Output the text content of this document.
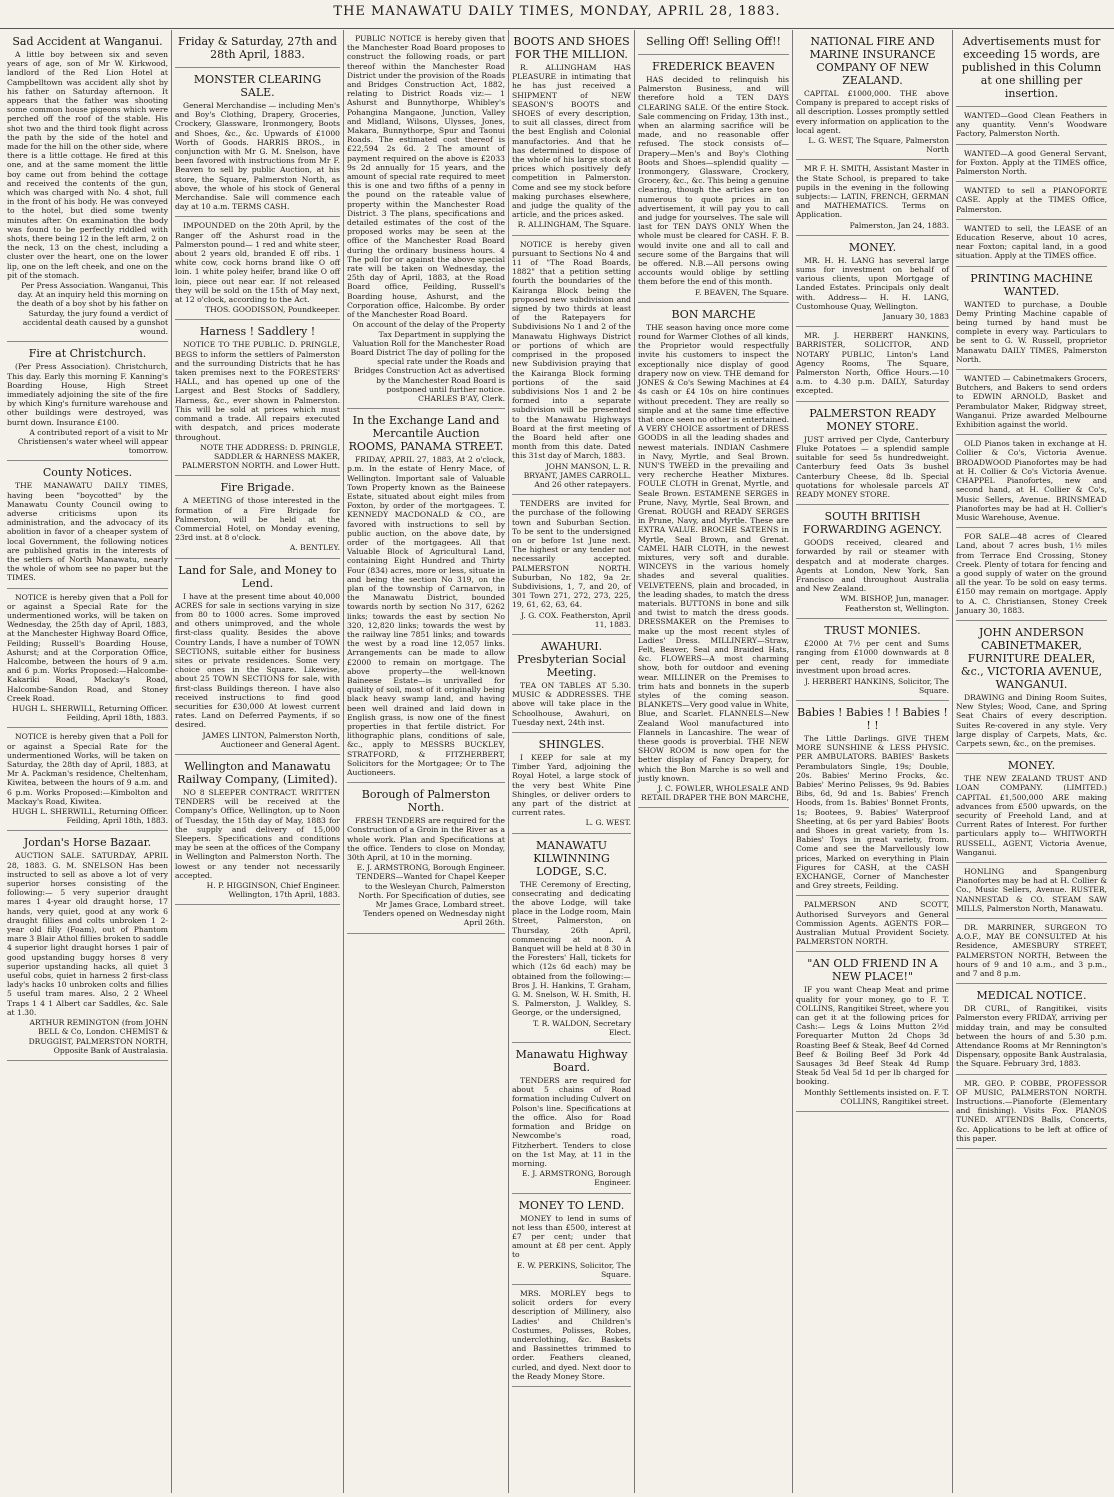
THE MANAWATU DAILY TIMES, MONDAY, APRIL 28, 1883.
Sad Accident at Wanganui.
A little boy between six and seven years of age, son of Mr W. Kirkwood, landlord of the Red Lion Hotel at Campbelltown was accident ally shot by his father on Saturday afternoon. It appears that the father was shooting some common house pigeons which were perched off the roof of the stable. His shot two and the third took flight across the path by the side of the hotel and made for the hill on the other side, where there is a little cottage. He fired at this one, and at the same moment the little boy came out from behind the cottage and received the contents of the gun, which was charged with No. 4 shot, full in the front of his body. He was conveyed to the hotel, but died some twenty minutes after. On examination the body was found to be perfectly riddled with shots, there being 12 in the left arm, 2 on the neck, 13 on the chest, including a cluster over the heart, one on the lower lip, one on the left cheek, and one on the pit of the stomach.
Per Press Association. Wanganui, This day. At an inquiry held this morning on the death of a boy shot by his father on Saturday, the jury found a verdict of accidental death caused by a gunshot wound.
Fire at Christchurch.
(Per Press Association). Christchurch, This day. Early this morning F. Kanning's Boarding House, High Street immediately adjoining the site of the fire by which King's furniture warehouse and other buildings were destroyed, was burnt down. Insurance £100.
A contributed report of a visit to Mr Christiensen's water wheel will appear tomorrow.
County Notices.
THE MANAWATU DAILY TIMES, having been "boycotted" by the Manawatu County Council owing to adverse criticisms upon its administration, and the advocacy of its abolition in favor of a cheaper system of local Government, the following notices are published gratis in the interests of the settlers of North Manawatu, nearly the whole of whom see no paper but the TIMES.
NOTICE is hereby given that a Poll for or against a Special Rate for the undermentioned works, will be taken on Wednesday, the 25th day of April, 1883, at the Manchester Highway Board Office, Feilding; Russell's Boarding House, Ashurst; and at the Corporation Office, Halcombe, between the hours of 9 a.m. and 6 p.m. Works Proposed:—Halcombe-Kakariki Road, Mackay's Road, Halcombe-Sandon Road, and Stoney Creek Road.
HUGH L. SHERWILL, Returning Officer. Feilding, April 18th, 1883.
NOTICE is hereby given that a Poll for or against a Special Rate for the undermentioned Works, will be taken on Saturday, the 28th day of April, 1883, at Mr A. Packman's residence, Cheltenham, Kiwitea, between the hours of 9 a.m. and 6 p.m. Works Proposed:—Kimbolton and Mackay's Road, Kiwitea.
HUGH L. SHERWILL, Returning Officer. Feilding, April 18th, 1883.
Jordan's Horse Bazaar.
AUCTION SALE. SATURDAY, APRIL 28, 1883. G. M. SNELSON Has been instructed to sell as above a lot of very superior horses consisting of the following:— 5 very superior draught mares 1 4-year old draught horse, 17 hands, very quiet, good at any work 6 draught fillies and colts unbroken 1 2-year old filly (Foam), out of Phantom mare 3 Blair Athol fillies broken to saddle 4 superior light draught horses 1 pair of good upstanding buggy horses 8 very superior upstanding hacks, all quiet 3 useful cobs, quiet in harness 2 first-class lady's hacks 10 unbroken colts and fillies 5 useful tram mares. Also, 2 2 Wheel Traps 1 4 1 Albert car Saddles, &c. Sale at 1.30.
ARTHUR REMINGTON (from JOHN BELL & Co, London. CHEMIST & DRUGGIST, PALMERSTON NORTH, Opposite Bank of Australasia.
Friday & Saturday, 27th and 28th April, 1883.
MONSTER CLEARING SALE.
General Merchandise — including Men's and Boy's Clothing, Drapery, Groceries, Crockery, Glassware, Ironmongery, Boots and Shoes, &c., &c. Upwards of £1000 Worth of Goods. HARRIS BROS., in conjunction with Mr G. M. Snelson, have been favored with instructions from Mr F. Beaven to sell by public Auction, at his store, the Square, Palmerston North, as above, the whole of his stock of General Merchandise. Sale will commence each day at 10 a.m. TERMS CASH.
IMPOUNDED on the 20th April, by the Ranger off the Ashurst road in the Palmerston pound— 1 red and white steer, about 2 years old, branded E off ribs. 1 white cow, cock horns brand like O off loin. 1 white poley heifer, brand like O off loin, piece out near ear. If not released they will be sold on the 15th of May next, at 12 o'clock, according to the Act.
THOS. GOODISSON, Poundkeeper.
Harness ! Saddlery !
NOTICE TO THE PUBLIC. D. PRINGLE, BEGS to inform the settlers of Palmerston and the surrounding Districts that he has taken premises next to the FORESTERS' HALL, and has opened up one of the Largest and Best Stocks of Saddlery, Harness, &c., ever shown in Palmerston. This will be sold at prices which must command a trade. All repairs executed with despatch, and prices moderate throughout.
NOTE THE ADDRESS: D. PRINGLE, SADDLER & HARNESS MAKER, PALMERSTON NORTH. and Lower Hutt.
Fire Brigade.
A MEETING of those interested in the formation of a Fire Brigade for Palmerston, will be held at the Commercial Hotel, on Monday evening, 23rd inst. at 8 o'clock.
A. BENTLEY.
Land for Sale, and Money to Lend.
I have at the present time about 40,000 ACRES for sale in sections varying in size from 80 to 1000 acres. Some improved and others unimproved, and the whole first-class quality. Besides the above Country Lands, I have a number of TOWN SECTIONS, suitable either for business sites or private residences. Some very choice ones in the Square. Likewise, about 25 TOWN SECTIONS for sale, with first-class Buildings thereon. I have also received instructions to find good securities for £30,000 At lowest current rates. Land on Deferred Payments, if so desired.
JAMES LINTON, Palmerston North, Auctioneer and General Agent.
Wellington and Manawatu Railway Company, (Limited).
NO 8 SLEEPER CONTRACT. WRITTEN TENDERS will be received at the Company's Office, Wellington, up to Noon of Tuesday, the 15th day of May, 1883 for the supply and delivery of 15,000 Sleepers. Specifications and conditions may be seen at the offices of the Company in Wellington and Palmerston North. The lowest or any tender not necessarily accepted.
H. P. HIGGINSON, Chief Engineer. Wellington, 17th April, 1883.
PUBLIC NOTICE is hereby given that the Manchester Road Board proposes to construct the following roads, or part thereof within the Manchester Road District under the provision of the Roads and Bridges Construction Act, 1882, relating to District Roads viz:— 1 Ashurst and Bunnythorpe, Whibley's Pohangina Mangaone, Junction, Valley and Midland, Wilsons, Ulysses, Jones, Makara, Bunnythorpe, Spur and Taonui Roads. The estimated cost thereof is £22,594 2s 6d. 2 The amount of payment required on the above is £2033 9s 2d annually for 15 years, and the amount of special rate required to meet this is one and two fifths of a penny in the pound on the rateable value of property within the Manchester Road District. 3 The plans, specifications and detailed estimates of the cost of the proposed works may be seen at the office of the Manchester Road Board during the ordinary business hours. 4 The poll for or against the above special rate will be taken on Wednesday, the 25th day of April, 1883, at the Road Board office, Feilding, Russell's Boarding house, Ashurst, and the Corporation office, Halcombe. By order of the Manchester Road Board.
On account of the delay of the Property Tax Department in supplying the Valuation Roll for the Manchester Road Board District The day of polling for the special rate under the Roads and Bridges Construction Act as advertised by the Manchester Road Board is postponed until further notice. CHARLES B'AY, Clerk.
In the Exchange Land and Mercantile Auction ROOMS, PANAMA STREET.
FRIDAY, APRIL 27, 1883, At 2 o'clock, p.m. In the estate of Henry Mace, of Wellington. Important sale of Valuable Town Property known as the Baineese Estate, situated about eight miles from Foxton, by order of the mortgagees. T. KENNEDY MACDONALD & CO., are favored with instructions to sell by public auction, on the above date, by order of the mortgagees. All that Valuable Block of Agricultural Land, containing Eight Hundred and Thirty Four (834) acres, more or less, situate in and being the section No 319, on the plan of the township of Carnarvon, in the Manawatu District, bounded towards north by section No 317, 6262 links; towards the east by section No 320, 12,820 links; towards the west by the railway line 7851 links; and towards the west by a road line 12,057 links. Arrangements can be made to allow £2000 to remain on mortgage. The above property—the well-known Baineese Estate—is unrivalled for quality of soil, most of it originally being black heavy swamp land, and having been well drained and laid down in English grass, is now one of the finest properties in that fertile district. For lithographic plans, conditions of sale, &c., apply to MESSRS BUCKLEY, STRATFORD, & FITZHERBERT, Solicitors for the Mortgagee; Or to The Auctioneers.
Borough of Palmerston North.
FRESH TENDERS are required for the Construction of a Groin in the River as a whole work. Plan and Specifications at the office. Tenders to close on Monday, 30th April, at 10 in the morning.
E. J. ARMSTRONG, Borough Engineer. TENDERS—Wanted for Chapel Keeper to the Wesleyan Church, Palmerston North. For Specification of duties, see Mr James Grace, Lombard street. Tenders opened on Wednesday night April 26th.
BOOTS AND SHOES FOR THE MILLION.
R. ALLINGHAM HAS PLEASURE in intimating that he has just received a SHIPMENT of NEW SEASON'S BOOTS and SHOES of every description, to suit all classes, direct from the best English and Colonial manufactories. And that he has determined to dispose of the whole of his large stock at prices which positively defy competition in Palmerston. Come and see my stock before making purchases elsewhere, and judge the quality of the article, and the prices asked.
R. ALLINGHAM, The Square.
NOTICE is hereby given pursuant to Sections No 4 and 11 of "The Road Boards, 1882" that a petition setting fourth the boundaries of the Kairanga Block being the proposed new subdivision and signed by two thirds at least of the Ratepayers for Subdivisions No 1 and 2 of the Manawatu Highways District or portions of which are comprised in the proposed new Subdivision praying that the Kairanga Block forming portions of the said subdivisions Nos 1 and 2 be formed into a separate subdivision will be presented to the Manawatu Highways Board at the first meeting of the Board held after one month from this date. Dated this 31st day of March, 1883.
JOHN MANSON, L. R. BRYANT, JAMES CARROLL. And 26 other ratepayers.
TENDERS are invited for the purchase of the following town and Suburban Section. To be sent to the undersigned on or before 1st June next. The highest or any tender not necessarily accepted. PALMERSTON NORTH. Suburban, No 182, 9a 2r. Subdivisions, 1, 7, and 20, of 301 Town 271, 272, 273, 225, 19, 61, 62, 63, 64.
J. G. COX. Featherston, April 11, 1883.
AWAHURI. Presbyterian Social Meeting.
TEA ON TABLES AT 5.30. MUSIC & ADDRESSES. THE above will take place in the Schoolhouse, Awahuri, on Tuesday next, 24th inst.
SHINGLES.
I KEEP for sale at my Timber Yard, adjoining the Royal Hotel, a large stock of the very best White Pine Shingles, or deliver orders to any part of the district at current rates.
L. G. WEST.
MANAWATU KILWINNING LODGE, S.C.
THE Ceremony of Erecting, consecrating and dedicating the above Lodge, will take place in the Lodge room, Main Street, Palmerston, on Thursday, 26th April, commencing at noon. A Banquet will be held at 8 30 in the Foresters' Hall, tickets for which (12s 6d each) may be obtained from the following:—Bros J. H. Hankins, T. Graham, G. M. Snelson, W. H. Smith, H. S. Palmerston, J. Walkley, S. George, or the undersigned,
T. R. WALDON, Secretary Elect.
Manawatu Highway Board.
TENDERS are required for about 5 chains of Road formation including Culvert on Polson's line. Specifications at the office. Also for Road formation and Bridge on Newcombe's road, Fitzherbert. Tenders to close on the 1st May, at 11 in the morning.
E. J. ARMSTRONG, Borough Engineer.
MONEY TO LEND.
MONEY to lend in sums of not less than £500, interest at £7 per cent; under that amount at £8 per cent. Apply to
E. W. PERKINS, Solicitor, The Square.
MRS. MORLEY begs to solicit orders for every description of Millinery, also Ladies' and Children's Costumes, Polisses, Robes, underclothing, &c. Baskets and Bassinettes trimmed to order. Feathers cleaned, curled, and dyed. Next door to the Ready Money Store.
Selling Off! Selling Off!!
FREDERICK BEAVEN
HAS decided to relinquish his Palmerston Business, and will therefore hold a TEN DAYS CLEARING SALE. Of the entire Stock. Sale commencing on Friday, 13th inst., when an alarming sacrifice will be made, and no reasonable offer refused. The stock consists of— Drapery—Men's and Boy's Clothing Boots and Shoes—splendid quality —Ironmongery, Glassware, Crockery, Grocery, &c., &c. This being a genuine clearing, though the articles are too numerous to quote prices in an advertisement, it will pay you to call and judge for yourselves. The sale will last for TEN DAYS ONLY When the whole must be cleared for CASH. F. B. would invite one and all to call and secure some of the Bargains that will be offered. N.B.—All persons owing accounts would oblige by settling them before the end of this month.
F. BEAVEN, The Square.
BON MARCHE
THE season having once more come round for Warmer Clothes of all kinds, the Proprietor would respectfully invite his customers to inspect the exceptionally nice display of good drapery now on view. THE demand for JONES & Co's Sewing Machines at £4 4s cash or £4 10s on hire continues without precedent. They are really so simple and at the same time effective that once seen no other is entertained. A VERY CHOICE assortment of DRESS GOODS in all the leading shades and newest materials. INDIAN Cashmere in Navy, Myrtle, and Seal Brown. NUN'S TWEED in the prevailing and very recherche Heather Mixtures. FOULE CLOTH in Grenat, Myrtle, and Seale Brown. ESTAMENE SERGES in Prune, Navy, Myrtle, Seal Brown, and Grenat. ROUGH and READY SERGES in Prune, Navy, and Myrtle. These are EXTRA VALUE. BROCHE SATEENS in Myrtle, Seal Brown, and Grenat. CAMEL HAIR CLOTH, in the newest mixtures, very soft and durable. WINCEYS in the various homely shades and several qualities. VELVETEENS, plain and brocaded, in the leading shades, to match the dress materials. BUTTONS in bone and silk and twist to match the dress goods. DRESSMAKER on the Premises to make up the most recent styles of Ladies' Dress. MILLINERY—Straw, Felt, Beaver, Seal and Braided Hats, &c. FLOWERS—A most charming show, both for outdoor and evening wear. MILLINER on the Premises to trim hats and bonnets in the superb styles of the coming season. BLANKETS—Very good value in White, Blue, and Scarlet. FLANNELS—New Zealand Wool manufactured into Flannels in Lancashire. The wear of these goods is proverbial. THE NEW SHOW ROOM is now open for the better display of Fancy Drapery, for which the Bon Marche is so well and justly known.
J. C. FOWLER, WHOLESALE AND RETAIL DRAPER THE BON MARCHE,
NATIONAL FIRE AND MARINE INSURANCE COMPANY OF NEW ZEALAND.
CAPITAL £1000,000. THE above Company is prepared to accept risks of all description. Losses promptly settled every information on application to the local agent.
L. G. WEST, The Square, Palmerston North
MR F. H. SMITH, Assistant Master in the State School, is prepared to take pupils in the evening in the following subjects:— LATIN, FRENCH, GERMAN and MATHEMATICS. Terms on Application.
Palmerston, Jan 24, 1883.
MONEY.
MR. H. H. LANG has several large sums for investment on behalf of various clients, upon Mortgage of Landed Estates. Principals only dealt with. Address— H. H. LANG, Customhouse Quay, Wellington.
January 30, 1883
MR. J. HERBERT HANKINS, BARRISTER, SOLICITOR, AND NOTARY PUBLIC, Linton's Land Agency Rooms, The Square, Palmerston North, Office Hours.—10 a.m. to 4.30 p.m. DAILY, Saturday excepted.
PALMERSTON READY MONEY STORE.
JUST arrived per Clyde, Canterbury Fluke Potatoes — a splendid sample suitable for seed 5s hundredweight. Canterbury feed Oats 3s bushel Canterbury Cheese, 8d lb. Special quotations for wholesale parcels AT READY MONEY STORE.
SOUTH BRITISH FORWARDING AGENCY.
GOODS received, cleared and forwarded by rail or steamer with despatch and at moderate charges. Agents at London, New York, San Francisco and throughout Australia and New Zealand.
WM. BISHOP, Jun, manager. Featherston st, Wellington.
TRUST MONIES.
£2000 At 7½ per cent and Sums ranging from £1000 downwards at 8 per cent, ready for immediate investment upon broad acres.
J. HERBERT HANKINS, Solicitor, The Square.
Babies ! Babies ! ! Babies ! ! !
The Little Darlings. GIVE THEM MORE SUNSHINE & LESS PHYSIC. PER AMBULATORS. BABIES' Baskets Perambulators Single, 19s; Double, 20s. Babies' Merino Frocks, &c. Babies' Merino Pelisses, 9s 9d. Babies Bibs, 6d, 9d and 1s. Babies' French Hoods, from 1s. Babies' Bonnet Fronts, 1s; Bootees, 9. Babies' Waterproof Sheeting, at 6s per yard Babies' Boots and Shoes in great variety, from 1s. Babies' Toys in great variety, from. Come and see the Marvellously low prices, Marked on everything in Plain Figures for CASH, at the CASH EXCHANGE, Corner of Manchester and Grey streets, Feilding.
PALMERSON AND SCOTT, Authorised Surveyors and General Commission Agents. AGENTS FOR—Australian Mutual Provident Society. PALMERSTON NORTH.
"AN OLD FRIEND IN A NEW PLACE!"
IF you want Cheap Meat and prime quality for your money, go to F. T. COLLINS, Rangitikei Street, where you can get it at the following prices for Cash:— Legs & Loins Mutton 2½d Forequarter Mutton 2d Chops 3d Roasting Beef & Steak, Beef 4d Corned Beef & Boiling Beef 3d Pork 4d Sausages 3d Beef Steak 4d Rump Steak 5d Veal 5d 1d per lb charged for booking.
Monthly Settlements insisted on. F. T. COLLINS, Rangitikei street.
Advertisements must for exceeding 15 words, are published in this Column at one shilling per insertion.
WANTED—Good Clean Feathers in any quantity. Venn's Woodware Factory, Palmerston North.
WANTED—A good General Servant, for Foxton. Apply at the TIMES office, Palmerston North.
WANTED to sell a PIANOFORTE CASE. Apply at the TIMES Office, Palmerston.
WANTED to sell, the LEASE of an Education Reserve, about 10 acres, near Foxton; capital land, in a good situation. Apply at the TIMES office.
PRINTING MACHINE WANTED.
WANTED to purchase, a Double Demy Printing Machine capable of being turned by hand must be complete in every way. Particulars to be sent to G. W. Russell, proprietor Manawatu DAILY TIMES, Palmerston North.
WANTED — Cabinetmakers Grocers, Butchers, and Bakers to send orders to EDWIN ARNOLD, Basket and Perambulator Maker, Ridgway street, Wanganui. Prize awarded Melbourne Exhibition against the world.
OLD Pianos taken in exchange at H. Collier & Co's, Victoria Avenue. BROADWOOD Pianofortes may be had at H. Collier & Co's Victoria Avenue. CHAPPEL Pianofortes, new and second hand, at H. Collier & Co's, Music Sellers, Avenue. BRINSMEAD Pianofortes may be had at H. Collier's Music Warehouse, Avenue.
FOR SALE—48 acres of Cleared Land, about 7 acres bush, 1½ miles from Terrace End Crossing, Stoney Creek. Plenty of totara for fencing and a good supply of water on the ground all the year. To be sold on easy terms. £150 may remain on mortgage. Apply to A. C. Christiansen, Stoney Creek January 30, 1883.
JOHN ANDERSON CABINETMAKER, FURNITURE DEALER, &c., VICTORIA AVENUE, WANGANUI.
DRAWING and Dining Room Suites, New Styles; Wood, Cane, and Spring Seat Chairs of every description. Suites Re-covered in any style. Very large display of Carpets, Mats, &c. Carpets sewn, &c., on the premises.
MONEY.
THE NEW ZEALAND TRUST AND LOAN COMPANY. (LIMITED.) CAPITAL £1,500,000 ARE making advances from £500 upwards, on the security of Freehold Land, and at Current Rates of Interest. For further particulars apply to— WHITWORTH RUSSELL, AGENT, Victoria Avenue, Wanganui.
HONLING and Spangenburg Pianofortes may be had at H. Collier & Co., Music Sellers, Avenue. RUSTER, NANNESTAD & CO. STEAM SAW MILLS, Palmerston North, Manawatu.
DR. MARRINER, SURGEON TO A.O.F., MAY BE CONSULTED At his Residence, AMESBURY STREET, PALMERSTON NORTH, Between the hours of 9 and 10 a.m., and 3 p.m., and 7 and 8 p.m.
MEDICAL NOTICE.
DR CURL, of Rangitikei, visits Palmerston every FRIDAY, arriving per midday train, and may be consulted between the hours of and 5.30 p.m. Attendance Rooms at Mr Rennington's Dispensary, opposite Bank Australasia, the Square. February 3rd, 1883.
MR. GEO. P. COBBE, PROFESSOR OF MUSIC, PALMERSTON NORTH. Instructions.—Pianoforte (Elementary and finishing). Visits Fox. PIANOS TUNED. ATTENDS Balls, Concerts, &c. Applications to be left at office of this paper.
